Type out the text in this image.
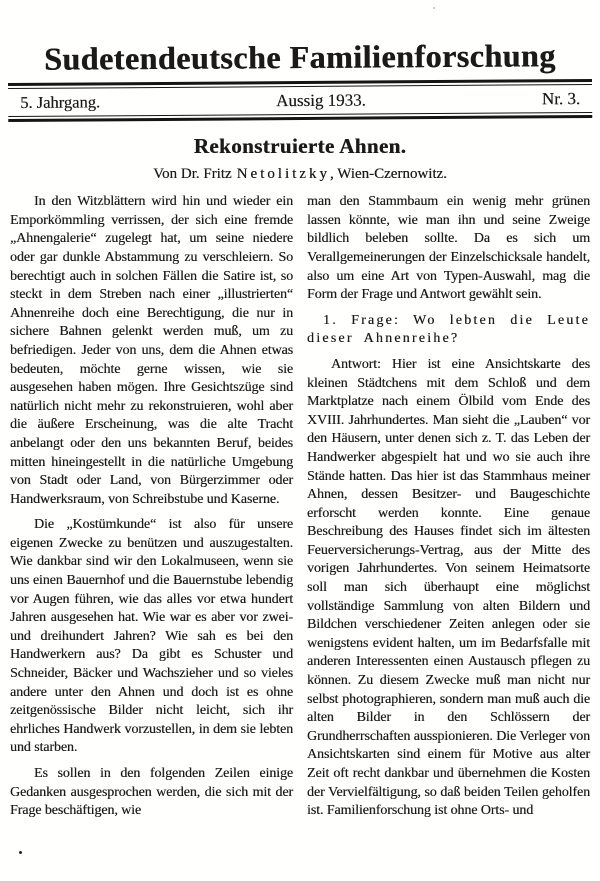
Sudetendeutsche Familienforschung
5. Jahrgang.	Aussig 1933.	Nr. 3.
Rekonstruierte Ahnen.
Von Dr. Fritz Netolitzky, Wien-Czernowitz.

In den Witzblättern wird hin und wieder ein Emporkömmling verrissen, der sich eine fremde „Ahnengalerie“ zugelegt hat, um seine niedere oder gar dunkle Abstammung zu verschleiern. So berechtigt auch in solchen Fällen die Satire ist, so steckt in dem Streben nach einer „illustrierten“ Ahnenreihe doch eine Berechtigung, die nur in sichere Bahnen gelenkt werden muß, um zu befriedigen. Jeder von uns, dem die Ahnen etwas bedeuten, möchte gerne wissen, wie sie ausgesehen haben mögen. Ihre Gesichtszüge sind natürlich nicht mehr zu rekonstruieren, wohl aber die äußere Erscheinung, was die alte Tracht anbelangt oder den uns bekannten Beruf, beides mitten hineingestellt in die natürliche Umgebung von Stadt oder Land, von Bürgerzimmer oder Handwerksraum, von Schreibstube und Kaserne.

Die „Kostümkunde“ ist also für unsere eigenen Zwecke zu benützen und auszugestalten. Wie dankbar sind wir den Lokalmuseen, wenn sie uns einen Bauernhof und die Bauernstube lebendig vor Augen führen, wie das alles vor etwa hundert Jahren ausgesehen hat. Wie war es aber vor zwei- und dreihundert Jahren? Wie sah es bei den Handwerkern aus? Da gibt es Schuster und Schneider, Bäcker und Wachszieher und so vieles andere unter den Ahnen und doch ist es ohne zeitgenössische Bilder nicht leicht, sich ihr ehrliches Handwerk vorzustellen, in dem sie lebten und starben.

Es sollen in den folgenden Zeilen einige Gedanken ausgesprochen werden, die sich mit der Frage beschäftigen, wie

man den Stammbaum ein wenig mehr grünen lassen könnte, wie man ihn und seine Zweige bildlich beleben sollte. Da es sich um Verallgemeinerungen der Einzelschicksale handelt, also um eine Art von Typen-Auswahl, mag die Form der Frage und Antwort gewählt sein.

1. Frage: Wo lebten die Leute dieser Ahnenreihe?

Antwort: Hier ist eine Ansichtskarte des kleinen Städtchens mit dem Schloß und dem Marktplatze nach einem Ölbild vom Ende des XVIII. Jahrhundertes. Man sieht die „Lauben“ vor den Häusern, unter denen sich z. T. das Leben der Handwerker abgespielt hat und wo sie auch ihre Stände hatten. Das hier ist das Stammhaus meiner Ahnen, dessen Besitzer- und Baugeschichte erforscht werden konnte. Eine genaue Beschreibung des Hauses findet sich im ältesten Feuerversicherungs-Vertrag, aus der Mitte des vorigen Jahrhundertes. Von seinem Heimatsorte soll man sich überhaupt eine möglichst vollständige Sammlung von alten Bildern und Bildchen verschiedener Zeiten anlegen oder sie wenigstens evident halten, um im Bedarfsfalle mit anderen Interessenten einen Austausch pflegen zu können. Zu diesem Zwecke muß man nicht nur selbst photographieren, sondern man muß auch die alten Bilder in den Schlössern der Grundherrschaften ausspionieren. Die Verleger von Ansichtskarten sind einem für Motive aus alter Zeit oft recht dankbar und übernehmen die Kosten der Vervielfältigung, so daß beiden Teilen geholfen ist. Familienforschung ist ohne Orts- und
